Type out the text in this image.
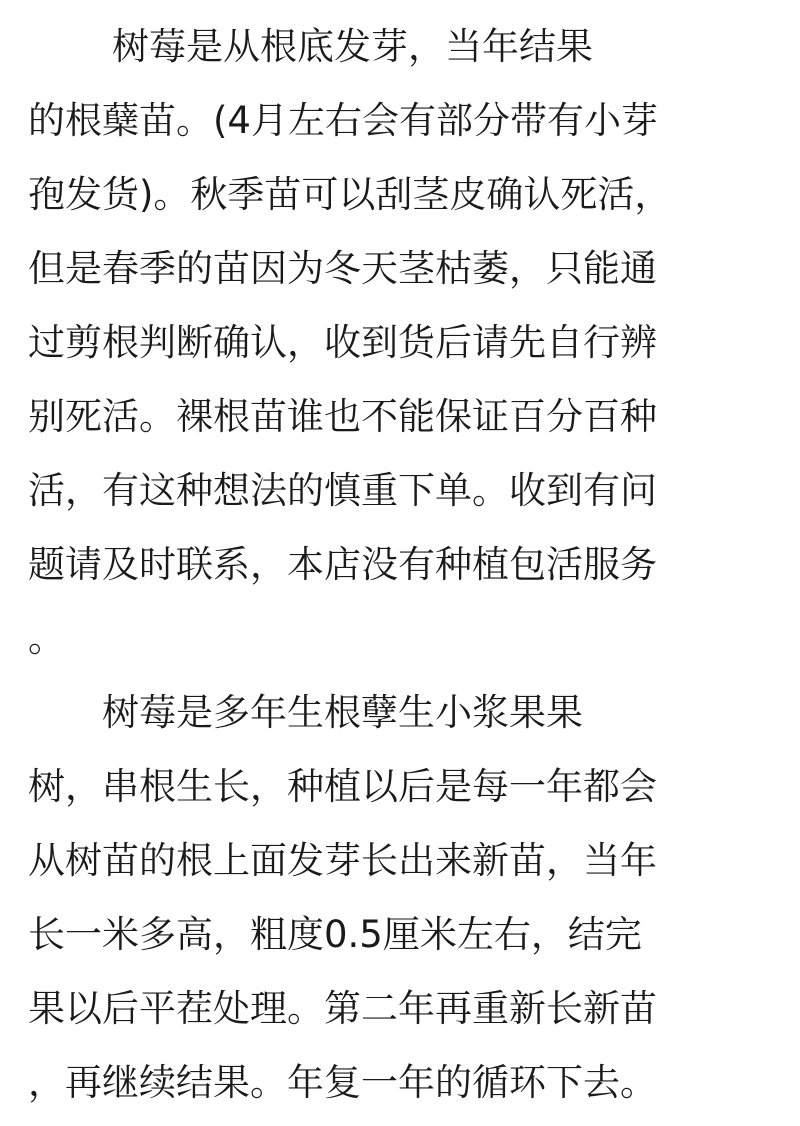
树莓是从根底发芽，当年结果
的根蘖苗。(4月左右会有部分带有小芽
孢发货)。秋季苗可以刮茎皮确认死活，
但是春季的苗因为冬天茎枯萎，只能通
过剪根判断确认，收到货后请先自行辨
别死活。裸根苗谁也不能保证百分百种
活，有这种想法的慎重下单。收到有问
题请及时联系，本店没有种植包活服务
。
树莓是多年生根孽生小浆果果
树，串根生长，种植以后是每一年都会
从树苗的根上面发芽长出来新苗，当年
长一米多高，粗度0.5厘米左右，结完
果以后平茬处理。第二年再重新长新苗
，再继续结果。年复一年的循环下去。
